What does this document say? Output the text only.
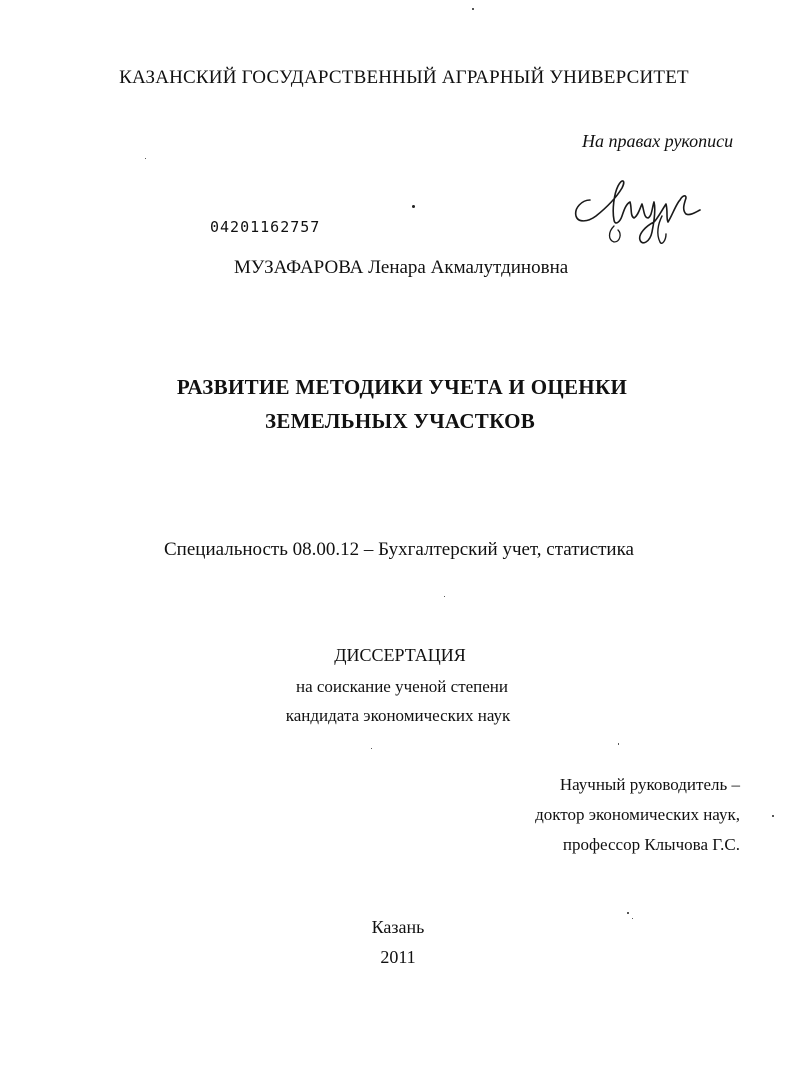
КАЗАНСКИЙ ГОСУДАРСТВЕННЫЙ АГРАРНЫЙ УНИВЕРСИТЕТ
На правах рукописи
04201162757
МУЗАФАРОВА Ленара Акмалутдиновна
РАЗВИТИЕ МЕТОДИКИ УЧЕТА И ОЦЕНКИ
ЗЕМЕЛЬНЫХ УЧАСТКОВ
Специальность 08.00.12 – Бухгалтерский учет, статистика
ДИССЕРТАЦИЯ
на соискание ученой степени
кандидата экономических наук
Научный руководитель –
доктор экономических наук,
профессор Клычова Г.С.
Казань
2011
